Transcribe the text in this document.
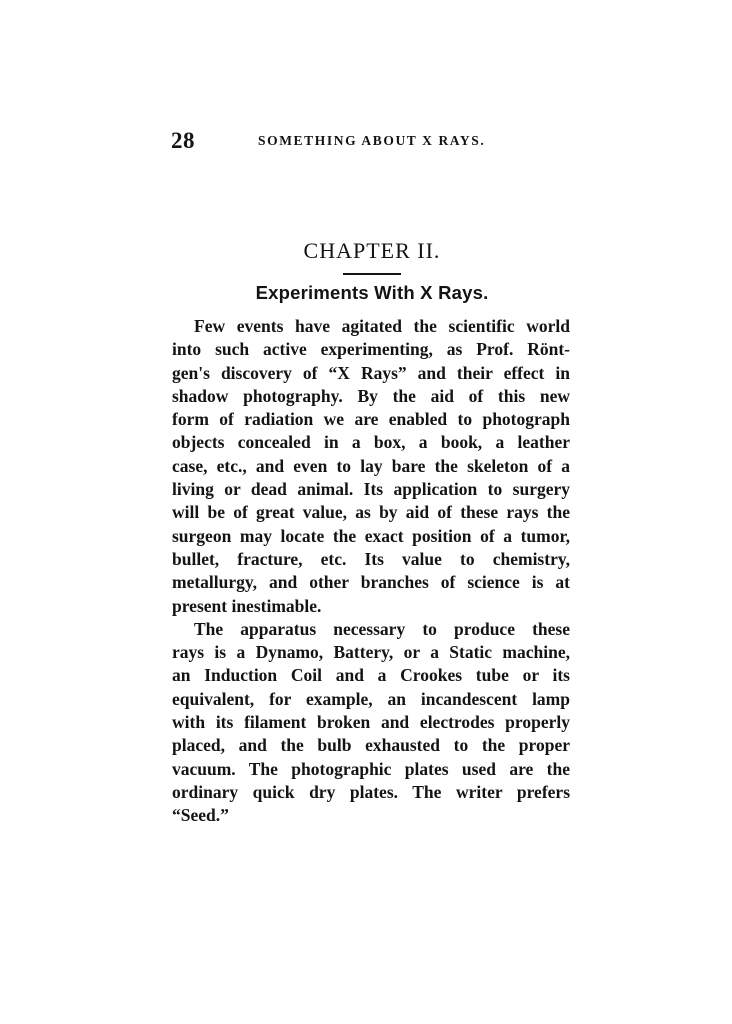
28	SOMETHING ABOUT X RAYS.
CHAPTER II.
Experiments With X Rays.
Few events have agitated the scientific world
into such active experimenting, as Prof. Rönt-
gen's discovery of “X Rays” and their effect in
shadow photography. By the aid of this new
form of radiation we are enabled to photograph
objects concealed in a box, a book, a leather
case, etc., and even to lay bare the skeleton of a
living or dead animal. Its application to surgery
will be of great value, as by aid of these rays the
surgeon may locate the exact position of a tumor,
bullet, fracture, etc. Its value to chemistry,
metallurgy, and other branches of science is at
present inestimable.
The apparatus necessary to produce these
rays is a Dynamo, Battery, or a Static machine,
an Induction Coil and a Crookes tube or its
equivalent, for example, an incandescent lamp
with its filament broken and electrodes properly
placed, and the bulb exhausted to the proper
vacuum. The photographic plates used are the
ordinary quick dry plates. The writer prefers
“Seed.”
